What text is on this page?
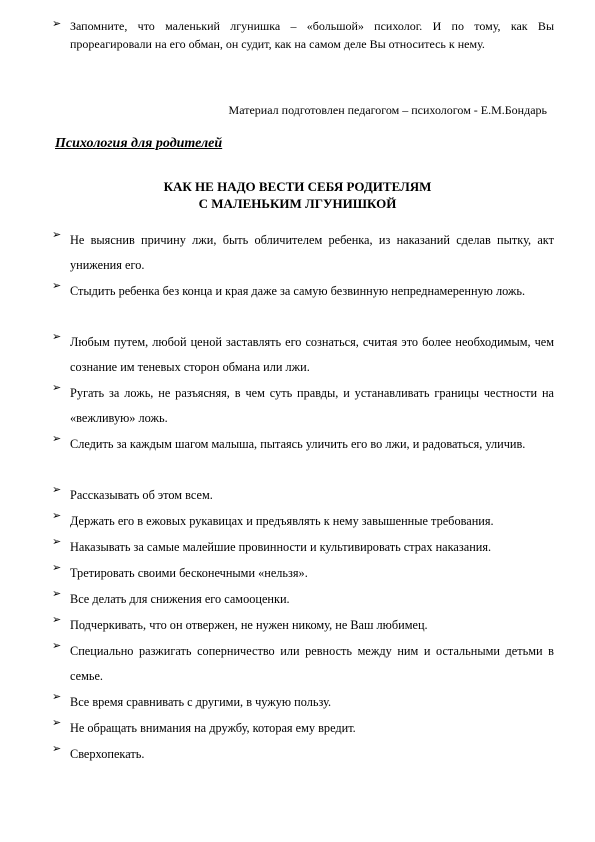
➢ Запомните, что маленький лгунишка – «большой» психолог. И по тому, как Вы прореагировали на его обман, он судит, как на самом деле Вы относитесь к нему.
Материал подготовлен педагогом – психологом - Е.М.Бондарь
Психология для родителей
КАК НЕ НАДО ВЕСТИ СЕБЯ РОДИТЕЛЯМ
С МАЛЕНЬКИМ ЛГУНИШКОЙ
➢ Не выяснив причину лжи, быть обличителем ребенка, из наказаний сделав пытку, акт унижения его.
➢ Стыдить ребенка без конца и края даже за самую безвинную непреднамеренную ложь.
➢ Любым путем, любой ценой заставлять его сознаться, считая это более необходимым, чем сознание им теневых сторон обмана или лжи.
➢ Ругать за ложь, не разъясняя, в чем суть правды, и устанавливать границы честности на «вежливую» ложь.
➢ Следить за каждым шагом малыша, пытаясь уличить его во лжи, и радоваться, уличив.
➢ Рассказывать об этом всем.
➢ Держать его в ежовых рукавицах и предъявлять к нему завышенные требования.
➢ Наказывать за самые малейшие провинности и культивировать страх наказания.
➢ Третировать своими бесконечными «нельзя».
➢ Все делать для снижения его самооценки.
➢ Подчеркивать, что он отвержен, не нужен никому, не Ваш любимец.
➢ Специально разжигать соперничество или ревность между ним и остальными детьми в семье.
➢ Все время сравнивать с другими, в чужую пользу.
➢ Не обращать внимания на дружбу, которая ему вредит.
➢ Сверхопекать.
